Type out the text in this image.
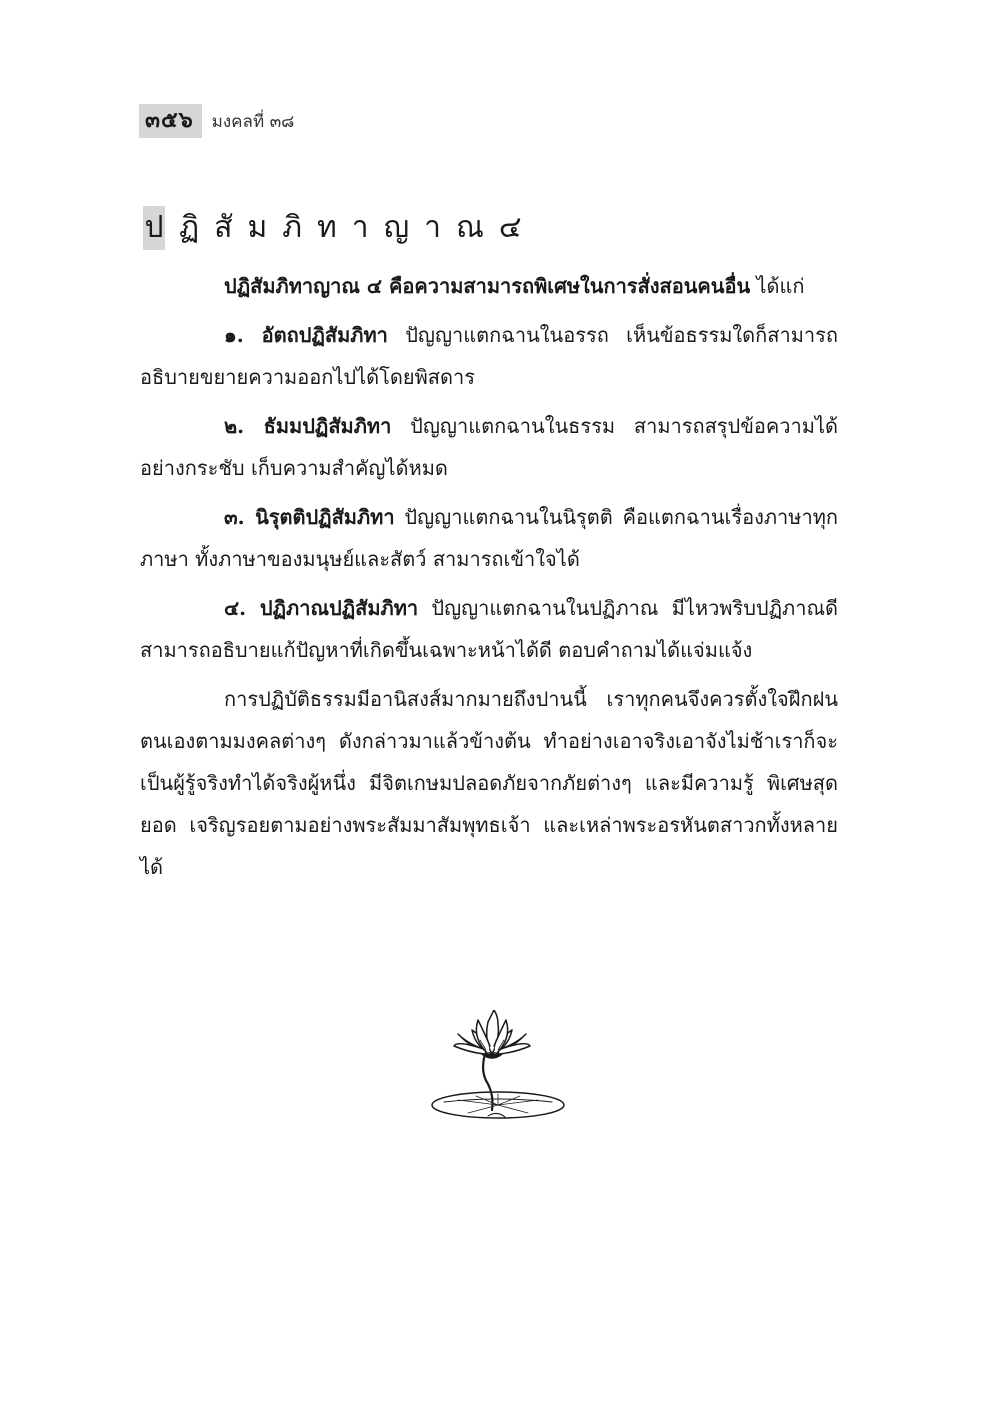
๓๕๖	มงคลที่ ๓๘
ป ฏิสัมภิทาญาณ๔

ปฏิสัมภิทาญาณ ๔ คือความสามารถพิเศษในการสั่งสอนคนอื่น ได้แก่

๑. อัตถปฏิสัมภิทา ปัญญาแตกฉานในอรรถ เห็นข้อธรรมใดก็สามารถอธิบายขยายความออกไปได้โดยพิสดาร

๒. ธัมมปฏิสัมภิทา ปัญญาแตกฉานในธรรม สามารถสรุปข้อความได้อย่างกระชับ เก็บความสำคัญได้หมด

๓. นิรุตติปฏิสัมภิทา ปัญญาแตกฉานในนิรุตติ คือแตกฉานเรื่องภาษาทุกภาษา ทั้งภาษาของมนุษย์และสัตว์ สามารถเข้าใจได้

๔. ปฏิภาณปฏิสัมภิทา ปัญญาแตกฉานในปฏิภาณ มีไหวพริบปฏิภาณดี สามารถอธิบายแก้ปัญหาที่เกิดขึ้นเฉพาะหน้าได้ดี ตอบคำถามได้แจ่มแจ้ง

การปฏิบัติธรรมมีอานิสงส์มากมายถึงปานนี้ เราทุกคนจึงควรตั้งใจฝึกฝนตนเองตามมงคลต่างๆ ดังกล่าวมาแล้วข้างต้น ทำอย่างเอาจริงเอาจังไม่ช้าเราก็จะเป็นผู้รู้จริงทำได้จริงผู้หนึ่ง มีจิตเกษมปลอดภัยจากภัยต่างๆ และมีความรู้ พิเศษสุดยอด เจริญรอยตามอย่างพระสัมมาสัมพุทธเจ้า และเหล่าพระอรหันตสาวกทั้งหลายได้
